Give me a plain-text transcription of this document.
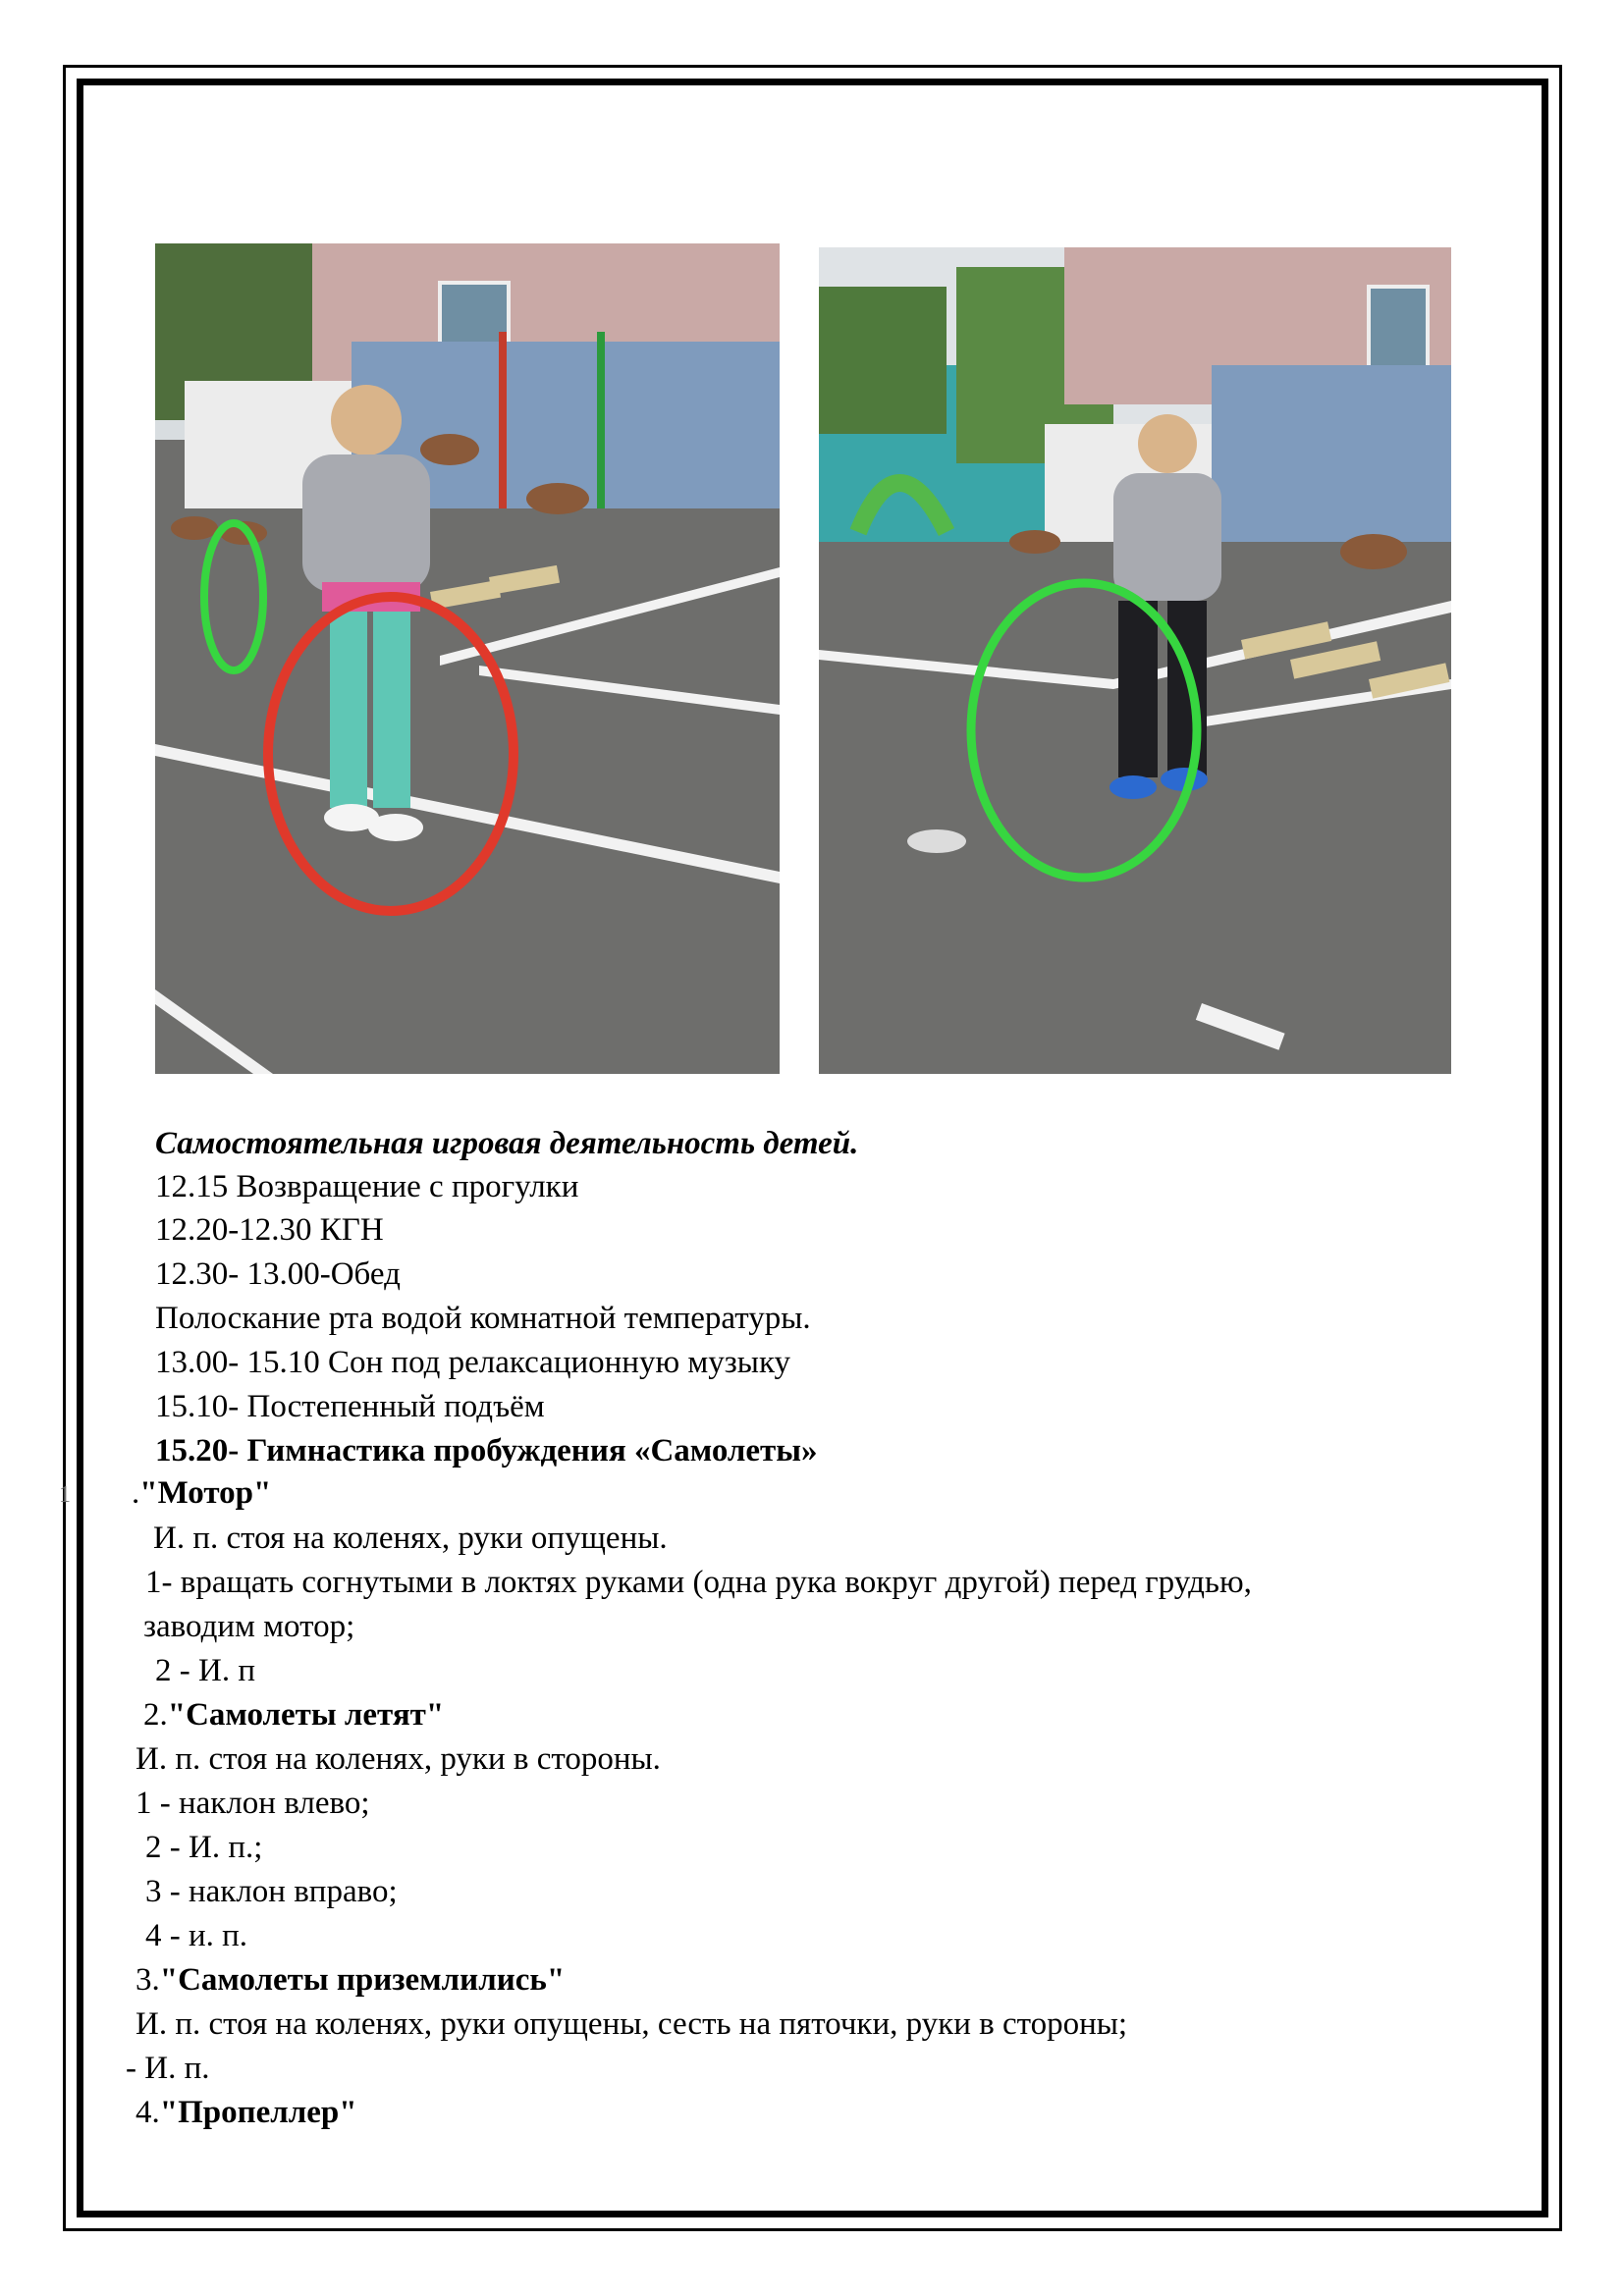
Самостоятельная игровая деятельность детей.
12.15 Возвращение с прогулки
12.20-12.30 КГН
12.30- 13.00-Обед
Полоскание рта водой комнатной температуры.
13.00- 15.10 Сон под релаксационную музыку
15.10- Постепенный подъём
15.20- Гимнастика пробуждения «Самолеты»
1 ."Мотор"
И. п. стоя на коленях, руки опущены.
1- вращать согнутыми в локтях руками (одна рука вокруг другой) перед грудью,
заводим мотор;
2 - И. п
2."Самолеты летят"
И. п. стоя на коленях, руки в стороны.
1 - наклон влево;
2 - И. п.;
3 - наклон вправо;
4 - и. п.
3."Самолеты приземлились"
И. п. стоя на коленях, руки опущены, сесть на пяточки, руки в стороны;
- И. п.
4."Пропеллер"
